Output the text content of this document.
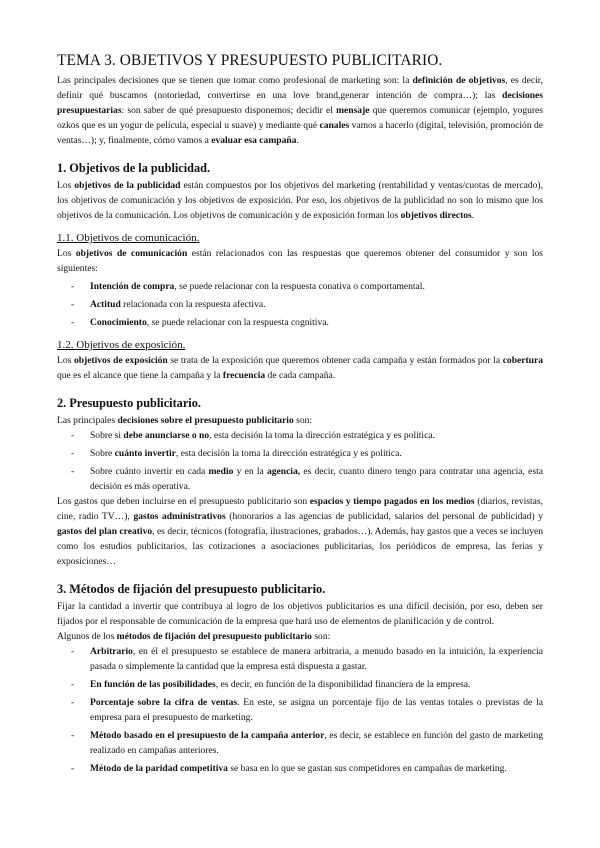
TEMA 3. OBJETIVOS Y PRESUPUESTO PUBLICITARIO.

Las principales decisiones que se tienen que tomar como profesional de marketing son: la definición de objetivos, es decir, definir qué buscamos (notoriedad, convertirse en una love brand,generar intención de compra…); las decisiones presupuestarias: son saber de qué presupuesto disponemos; decidir el mensaje que queremos comunicar (ejemplo, yogures ozkos que es un yogur de película, especial u suave) y mediante qué canales vamos a hacerlo (digital, televisión, promoción de ventas…); y, finalmente, cómo vamos a evaluar esa campaña.

1. Objetivos de la publicidad.

Los objetivos de la publicidad están compuestos por los objetivos del marketing (rentabilidad y ventas/cuotas de mercado), los objetivos de comunicación y los objetivos de exposición. Por eso, los objetivos de la publicidad no son lo mismo que los objetivos de la comunicación. Los objetivos de comunicación y de exposición forman los objetivos directos.

1.1. Objetivos de comunicación.

Los objetivos de comunicación están relacionados con las respuestas que queremos obtener del consumidor y son los siguientes:

- Intención de compra, se puede relacionar con la respuesta conativa o comportamental.
- Actitud relacionada con la respuesta afectiva.
- Conocimiento, se puede relacionar con la respuesta cognitiva.
1.2. Objetivos de exposición.

Los objetivos de exposición se trata de la exposición que queremos obtener cada campaña y están formados por la cobertura que es el alcance que tiene la campaña y la frecuencia de cada campaña.

2. Presupuesto publicitario.

Las principales decisiones sobre el presupuesto publicitario son:

- Sobre si debe anunciarse o no, esta decisión la toma la dirección estratégica y es política.
- Sobre cuánto invertir, esta decisión la toma la dirección estratégica y es política.
- Sobre cuánto invertir en cada medio y en la agencia, es decir, cuanto dinero tengo para contratar una agencia, esta decisión es más operativa.

Los gastos que deben incluirse en el presupuesto publicitario son espacios y tiempo pagados en los medios (diarios, revistas, cine, radio TV…), gastos administrativos (honorarios a las agencias de publicidad, salarios del personal de publicidad) y gastos del plan creativo, es decir, técnicos (fotografía, ilustraciones, grabados…). Además, hay gastos que a veces se incluyen como los estudios publicitarios, las cotizaciones a asociaciones publicitarias, los periódicos de empresa, las ferias y exposiciones…

3. Métodos de fijación del presupuesto publicitario.

Fijar la cantidad a invertir que contribuya al logro de los objetivos publicitarios es una difícil decisión, por eso, deben ser fijados por el responsable de comunicación de la empresa que hará uso de elementos de planificación y de control.

Algunos de los métodos de fijación del presupuesto publicitario son:

- Arbitrario, en él el presupuesto se establece de manera arbitraria, a menudo basado en la intuición, la experiencia pasada o simplemente la cantidad que la empresa está dispuesta a gastar.
- En función de las posibilidades, es decir, en función de la disponibilidad financiera de la empresa.
- Porcentaje sobre la cifra de ventas. En este, se asigna un porcentaje fijo de las ventas totales o previstas de la empresa para el presupuesto de marketing.
- Método basado en el presupuesto de la campaña anterior, es decir, se establece en función del gasto de marketing realizado en campañas anteriores.
- Método de la paridad competitiva se basa en lo que se gastan sus competidores en campañas de marketing.
